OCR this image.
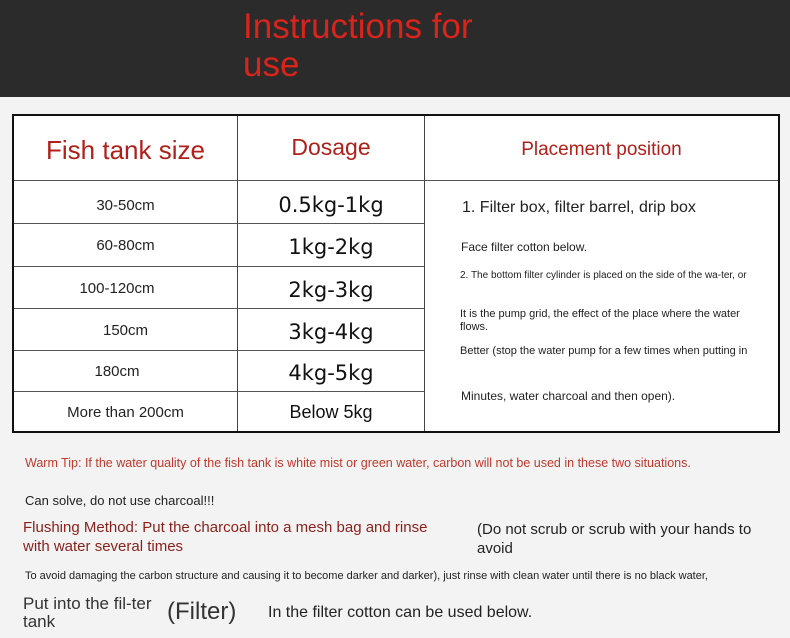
Instructions for use
Fish tank size	Dosage	Placement position
30-50cm	0.5kg-1kg
60-80cm	1kg-2kg
100-120cm	2kg-3kg
150cm	3kg-4kg
180cm	4kg-5kg
More than 200cm	Below 5kg
1. Filter box, filter barrel, drip box
Face filter cotton below.
2. The bottom filter cylinder is placed on the side of the wa-ter, or
It is the pump grid, the effect of the place where the water flows.
Better (stop the water pump for a few times when putting in
Minutes, water charcoal and then open).
Warm Tip: If the water quality of the fish tank is white mist or green water, carbon will not be used in these two situations.
Can solve, do not use charcoal!!!
Flushing Method: Put the charcoal into a mesh bag and rinse with water several times
(Do not scrub or scrub with your hands to avoid
To avoid damaging the carbon structure and causing it to become darker and darker), just rinse with clean water until there is no black water,
Put into the fil-ter tank	(Filter) In the filter cotton can be used below.
